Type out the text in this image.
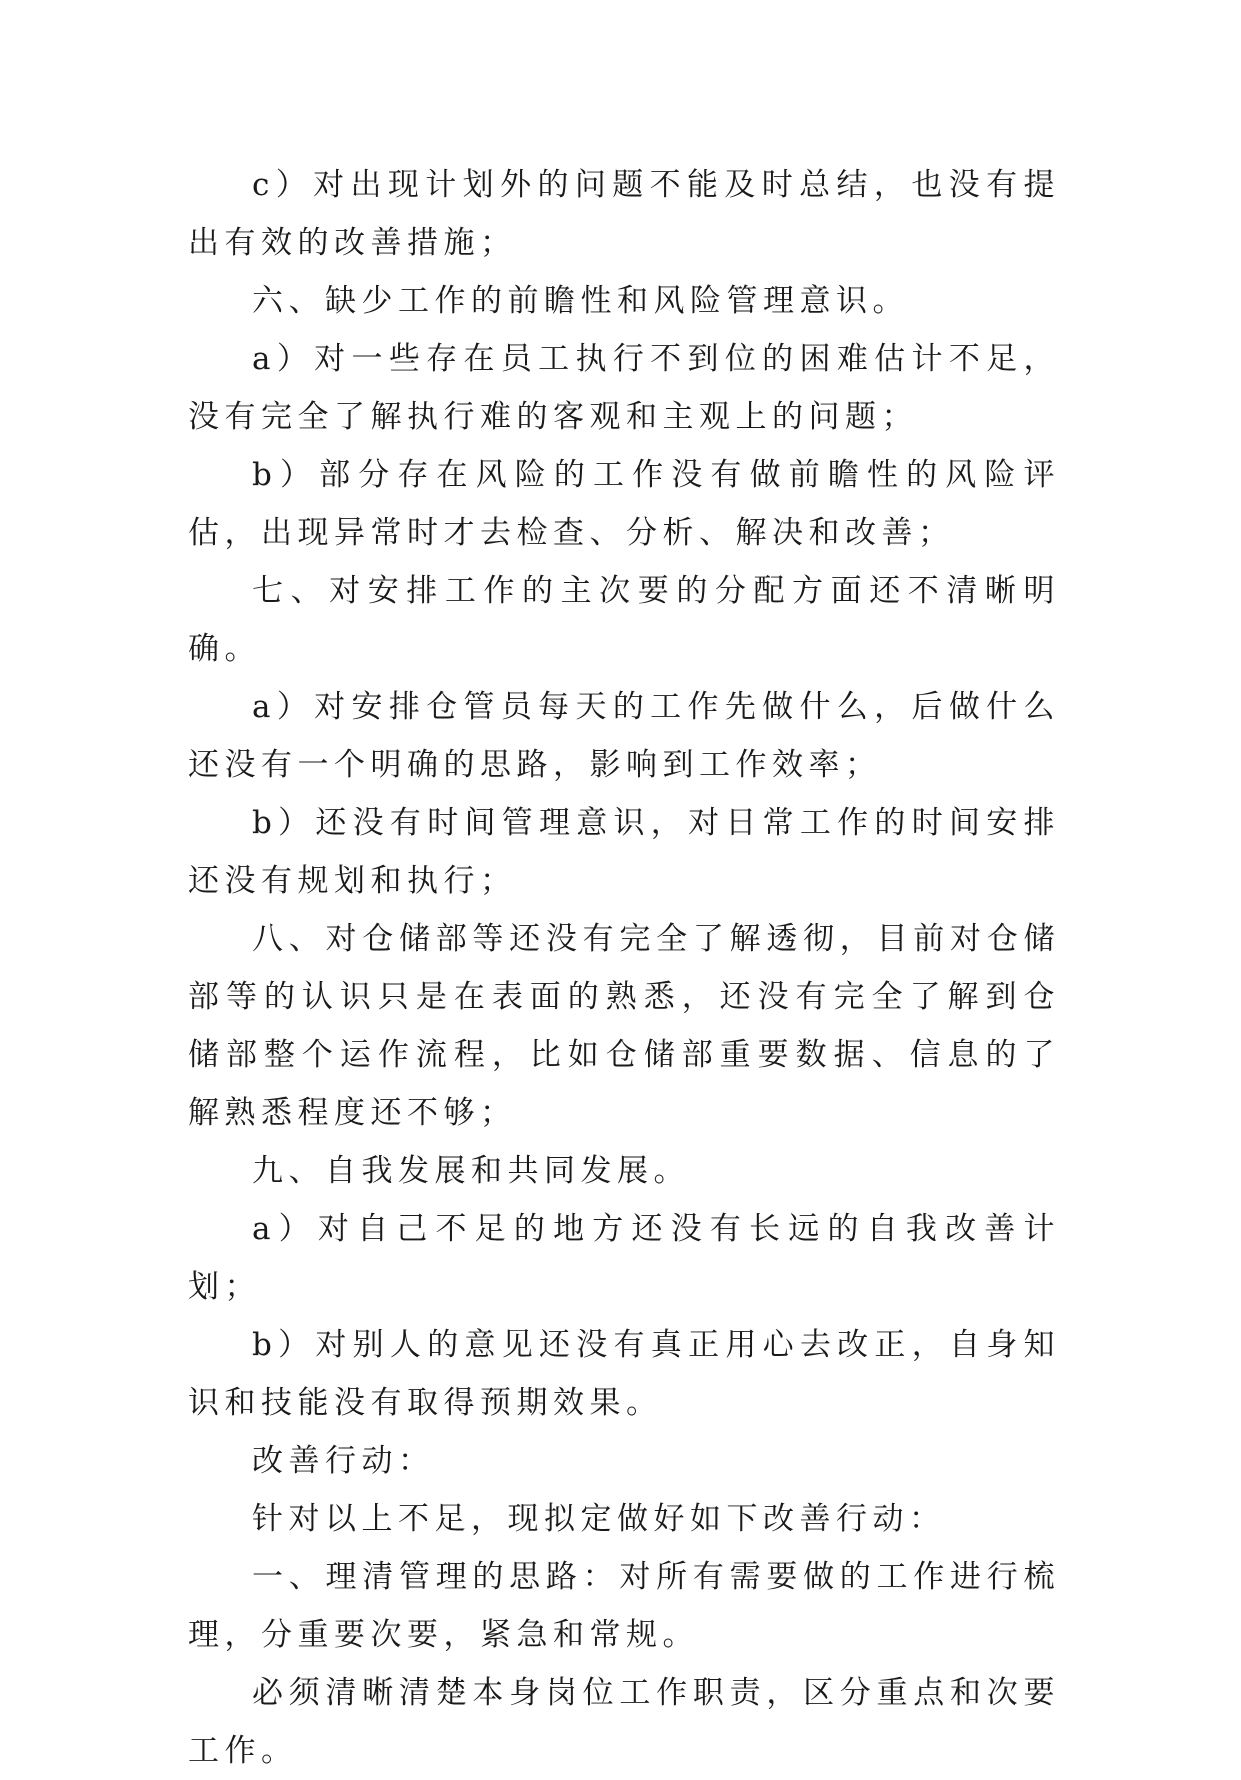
c）对出现计划外的问题不能及时总结，也没有提出有效的改善措施；

六、缺少工作的前瞻性和风险管理意识。

a）对一些存在员工执行不到位的困难估计不足，没有完全了解执行难的客观和主观上的问题；

b）部分存在风险的工作没有做前瞻性的风险评估，出现异常时才去检查、分析、解决和改善；

七、对安排工作的主次要的分配方面还不清晰明确。

a）对安排仓管员每天的工作先做什么，后做什么还没有一个明确的思路，影响到工作效率；

b）还没有时间管理意识，对日常工作的时间安排还没有规划和执行；

八、对仓储部等还没有完全了解透彻，目前对仓储部等的认识只是在表面的熟悉，还没有完全了解到仓储部整个运作流程，比如仓储部重要数据、信息的了解熟悉程度还不够；

九、自我发展和共同发展。

a）对自己不足的地方还没有长远的自我改善计划；

b）对别人的意见还没有真正用心去改正，自身知识和技能没有取得预期效果。

改善行动：

针对以上不足，现拟定做好如下改善行动：

一、理清管理的思路：对所有需要做的工作进行梳理，分重要次要，紧急和常规。

必须清晰清楚本身岗位工作职责，区分重点和次要工作。
